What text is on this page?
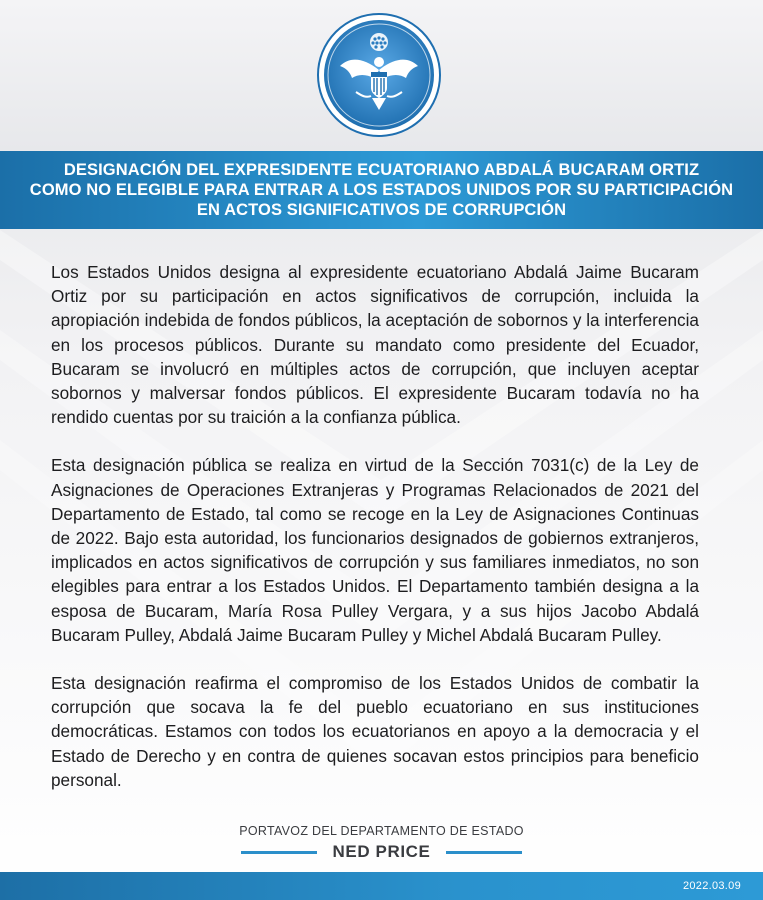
DESIGNACIÓN DEL EXPRESIDENTE ECUATORIANO ABDALÁ BUCARAM ORTIZ
COMO NO ELEGIBLE PARA ENTRAR A LOS ESTADOS UNIDOS POR SU PARTICIPACIÓN
EN ACTOS SIGNIFICATIVOS DE CORRUPCIÓN

Los Estados Unidos designa al expresidente ecuatoriano Abdalá Jaime Bucaram Ortiz por su participación en actos significativos de corrupción, incluida la apropiación indebida de fondos públicos, la aceptación de sobornos y la interferencia en los procesos públicos. Durante su mandato como presidente del Ecuador, Bucaram se involucró en múltiples actos de corrupción, que incluyen aceptar sobornos y malversar fondos públicos. El expresidente Bucaram todavía no ha rendido cuentas por su traición a la confianza pública.

Esta designación pública se realiza en virtud de la Sección 7031(c) de la Ley de Asignaciones de Operaciones Extranjeras y Programas Relacionados de 2021 del Departamento de Estado, tal como se recoge en la Ley de Asignaciones Continuas de 2022. Bajo esta autoridad, los funcionarios designados de gobiernos extranjeros, implicados en actos significativos de corrupción y sus familiares inmediatos, no son elegibles para entrar a los Estados Unidos. El Departamento también designa a la esposa de Bucaram, María Rosa Pulley Vergara, y a sus hijos Jacobo Abdalá Bucaram Pulley, Abdalá Jaime Bucaram Pulley y Michel Abdalá Bucaram Pulley.

Esta designación reafirma el compromiso de los Estados Unidos de combatir la corrupción que socava la fe del pueblo ecuatoriano en sus instituciones democráticas. Estamos con todos los ecuatorianos en apoyo a la democracia y el Estado de Derecho y en contra de quienes socavan estos principios para beneficio personal.

PORTAVOZ DEL DEPARTAMENTO DE ESTADO
NED PRICE
2022.03.09
